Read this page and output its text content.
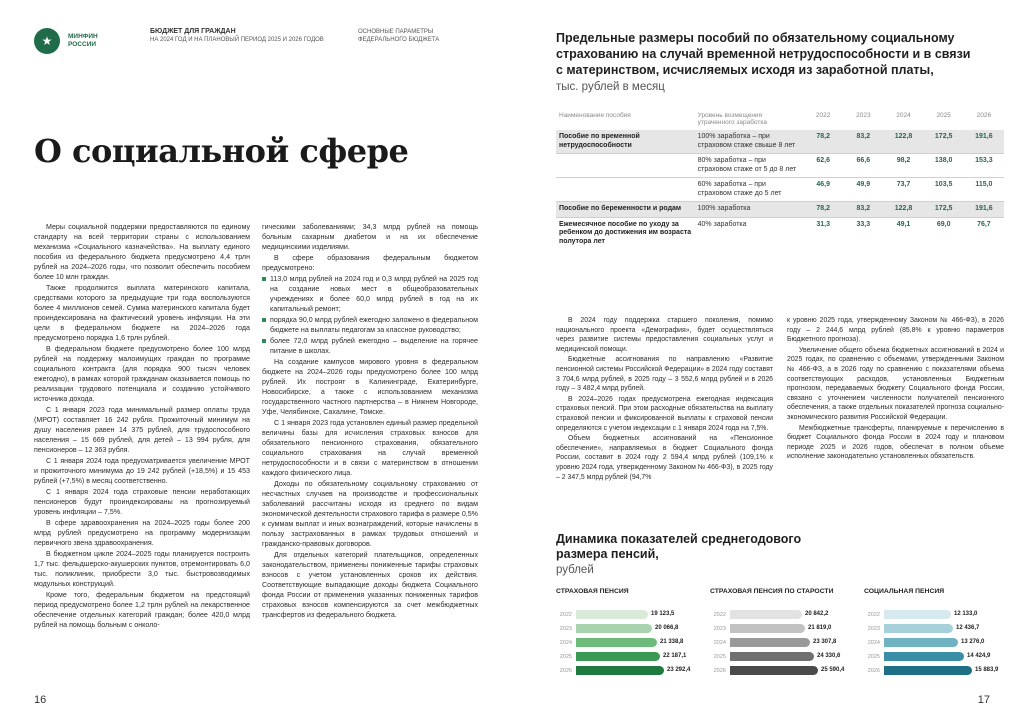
★	МИНФИН
РОССИИ
БЮДЖЕТ ДЛЯ ГРАЖДАН
НА 2024 ГОД И НА ПЛАНОВЫЙ ПЕРИОД 2025 И 2026 ГОДОВ
ОСНОВНЫЕ ПАРАМЕТРЫ ФЕДЕРАЛЬНОГО БЮДЖЕТА
О социальной сфере

Меры социальной поддержки предоставляются по единому стандарту на всей территории страны с использованием механизма «Социального казначейства». На выплату единого пособия из федерального бюджета предусмотрено 4,4 трлн рублей на 2024–2026 годы, что позволит обеспечить пособием более 10 млн граждан.

Также продолжится выплата материнского капитала, средствами которого за предыдущие три года воспользуются более 4 миллионов семей. Сумма материнского капитала будет проиндексирована на фактический уровень инфляции. На эти цели в федеральном бюджете на 2024–2026 года предусмотрено порядка 1,6 трлн рублей.

В федеральном бюджете предусмотрено более 100 млрд рублей на поддержку малоимущих граждан по программе социального контракта (для порядка 900 тысяч человек ежегодно), в рамках которой гражданам оказывается помощь по реализации трудового потенциала и созданию устойчивого источника дохода.

С 1 января 2023 года минимальный размер оплаты труда (МРОТ) составляет 16 242 рубля. Прожиточный минимум на душу населения равен 14 375 рублей, для трудоспособного населения – 15 669 рублей, для детей – 13 994 рубля, для пенсионеров – 12 363 рубля.

С 1 января 2024 года предусматривается увеличение МРОТ и прожиточного минимума до 19 242 рублей (+18,5%) и 15 453 рублей (+7,5%) в месяц соответственно.

С 1 января 2024 года страховые пенсии неработающих пенсионеров будут проиндексированы на прогнозируемый уровень инфляции – 7,5%.

В сфере здравоохранения на 2024–2025 годы более 200 млрд рублей предусмотрено на программу модернизации первичного звена здравоохранения.

В бюджетном цикле 2024–2025 годы планируется построить 1,7 тыс. фельдшерско-акушерских пунктов, отремонтировать 6,0 тыс. поликлиник, приобрести 3,0 тыс. быстровозводимых модульных конструкций.

Кроме того, федеральным бюджетом на предстоящий период предусмотрено более 1,2 трлн рублей на лекарственное обеспечение отдельных категорий граждан; более 420,0 млрд рублей на помощь больным с онколо-

гическими заболеваниями; 34,3 млрд рублей на помощь больным сахарным диабетом и на их обеспечение медицинскими изделиями.

В сфере образования федеральным бюджетом предусмотрено:

113,0 млрд рублей на 2024 год и 0,3 млрд рублей на 2025 год на создание новых мест в общеобразовательных учреждениях и более 60,0 млрд рублей в год на их капитальный ремонт;
порядка 90,0 млрд рублей ежегодно заложено в федеральном бюджете на выплаты педагогам за классное руководство;
более 72,0 млрд рублей ежегодно – выделение на горячее питание в школах.

На создание кампусов мирового уровня в федеральном бюджете на 2024–2026 годы предусмотрено более 100 млрд рублей. Их построят в Калининграде, Екатеринбурге, Новосибирске, а также с использованием механизма государственного частного партнерства – в Нижнем Новгороде, Уфе, Челябинске, Сахалине, Томске.

С 1 января 2023 года установлен единый размер предельной величины базы для исчисления страховых взносов для обязательного пенсионного страхования, обязательного социального страхования на случай временной нетрудоспособности и в связи с материнством в отношении каждого физического лица.

Доходы по обязательному социальному страхованию от несчастных случаев на производстве и профессиональных заболеваний рассчитаны исходя из среднего по видам экономической деятельности страхового тарифа в размере 0,5% к суммам выплат и иных вознаграждений, которые начислены в пользу застрахованных в рамках трудовых отношений и гражданско-правовых договоров.

Для отдельных категорий плательщиков, определенных законодательством, применены пониженные тарифы страховых взносов с учетом установленных сроков их действия. Соответствующие выпадающие доходы бюджета Социального фонда России от применения указанных пониженных тарифов страховых взносов компенсируются за счет межбюджетных трансфертов из федерального бюджета.

16
Предельные размеры пособий по обязательному социальному страхованию на случай временной нетрудоспособности и в связи с материнством, исчисляемых исходя из заработной платы,
тыс. рублей в месяц
Наименование пособия	Уровень возмещения утраченного заработка	2022	2023	2024	2025	2026
Пособие по временной нетрудоспособности	100% заработка – при страховом стаже свыше 8 лет	78,2	83,2	122,8	172,5	191,6
	80% заработка – при страховом стаже от 5 до 8 лет	62,6	66,6	98,2	138,0	153,3
	60% заработка – при страховом стаже до 5 лет	46,9	49,9	73,7	103,5	115,0
Пособие по беременности и родам	100% заработка	78,2	83,2	122,8	172,5	191,6
Ежемесячное пособие по уходу за ребенком до достижения им возраста полутора лет	40% заработка	31,3	33,3	49,1	69,0	76,7

В 2024 году поддержка старшего поколения, помимо национального проекта «Демография», будет осуществляться через развитие системы предоставления социальных услуг и медицинской помощи.

Бюджетные ассигнования по направлению «Развитие пенсионной системы Российской Федерации» в 2024 году составят 3 704,6 млрд рублей, в 2025 году – 3 552,6 млрд рублей и в 2026 году – 3 482,4 млрд рублей.

В 2024–2026 годах предусмотрена ежегодная индексация страховых пенсий. При этом расходные обязательства на выплату страховой пенсии и фиксированной выплаты к страховой пенсии определяются с учетом индексации с 1 января 2024 года на 7,5%.

Объем бюджетных ассигнований на «Пенсионное обеспечение», направляемых в бюджет Социального фонда России, составит в 2024 году 2 594,4 млрд рублей (109,1% к уровню 2024 года, утвержденному Законом № 466-ФЗ), в 2025 году – 2 347,5 млрд рублей (94,7%

к уровню 2025 года, утвержденному Законом № 466-ФЗ), в 2026 году – 2 244,6 млрд рублей (85,8% к уровню параметров Бюджетного прогноза).

Увеличение общего объема бюджетных ассигнований в 2024 и 2025 годах, по сравнению с объемами, утвержденными Законом № 466-ФЗ, а в 2026 году по сравнению с показателями объема соответствующих расходов, установленных Бюджетным прогнозом, передаваемых бюджету Социального фонда России, связано с уточнением численности получателей пенсионного обеспечения, а также отдельных показателей прогноза социально-экономического развития Российской Федерации.

Межбюджетные трансферты, планируемые к перечислению в бюджет Социального фонда России в 2024 году и плановом периоде 2025 и 2026 годов, обеспечат в полном объеме исполнение законодательно установленных обязательств.

Динамика показателей среднегодового размера пенсий,
рублей
СТРАХОВАЯ ПЕНСИЯ
2022	19 123,5
2023	20 066,8
2024	21 338,8
2025	22 187,1
2026	23 292,4
СТРАХОВАЯ ПЕНСИЯ ПО СТАРОСТИ
2022	20 842,2
2023	21 819,0
2024	23 307,8
2025	24 330,6
2026	25 590,4
СОЦИАЛЬНАЯ ПЕНСИЯ
2022	12 133,0
2023	12 436,7
2024	13 276,0
2025	14 424,9
2026	15 883,9
17
